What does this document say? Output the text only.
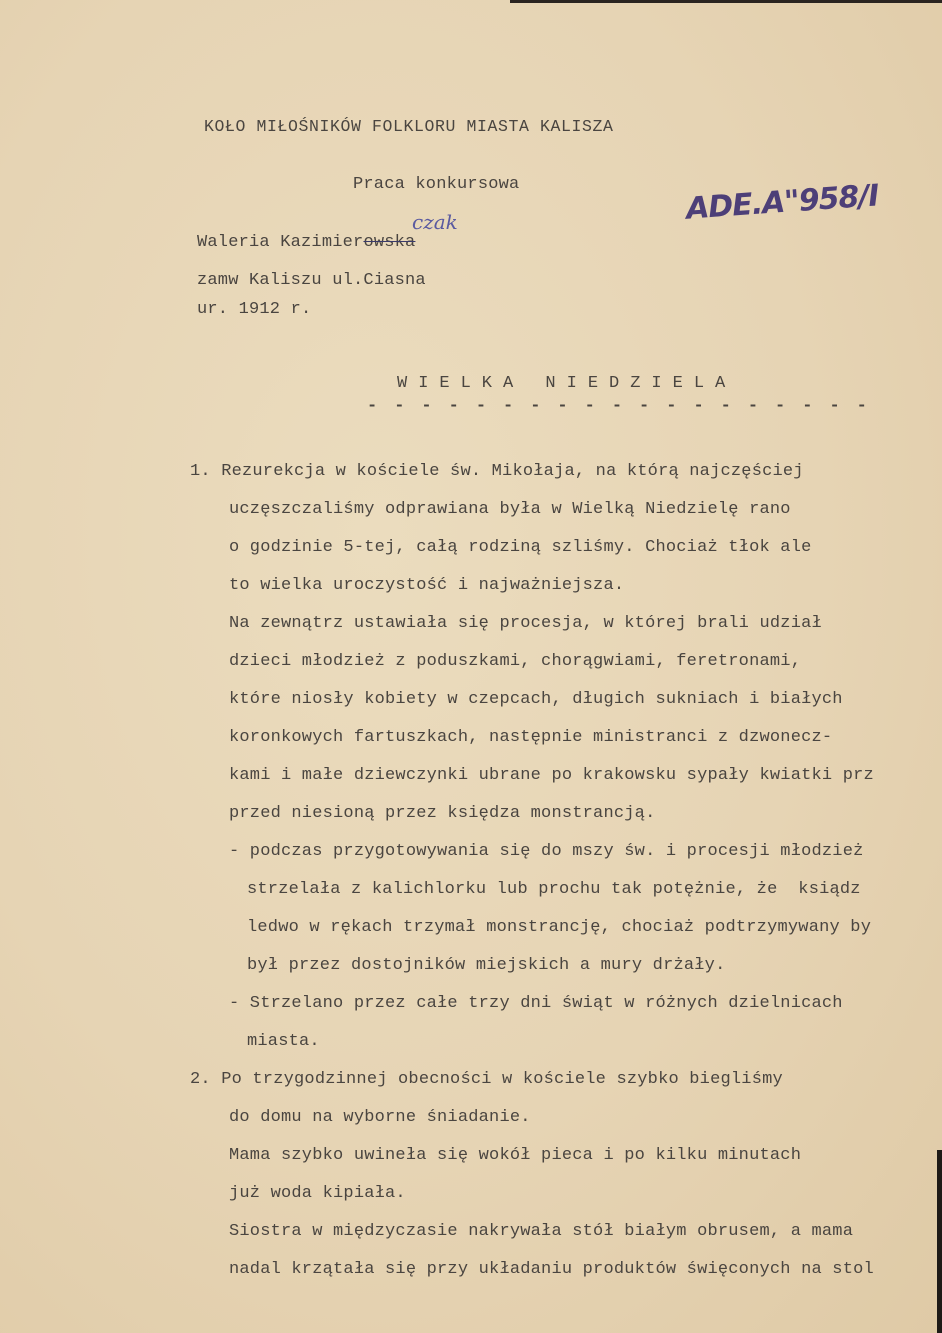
KOŁO MIŁOŚNIKÓW FOLKLORU MIASTA KALISZA
Praca konkursowa	ADE.A"958/I
czak
Waleria Kazimierowska
zamw Kaliszu ul.Ciasna
ur. 1912 r.
WIELKA NIEDZIELA
- - - - - - - - - - - - - - - - - - -
1. Rezurekcja w kościele św. Mikołaja, na którą najczęściej
uczęszczaliśmy odprawiana była w Wielką Niedzielę rano
o godzinie 5-tej, całą rodziną szliśmy. Chociaż tłok ale
to wielka uroczystość i najważniejsza.
Na zewnątrz ustawiała się procesja, w której brali udział
dzieci młodzież z poduszkami, chorągwiami, feretronami,
które niosły kobiety w czepcach, długich sukniach i białych
koronkowych fartuszkach, następnie ministranci z dzwonecz-
kami i małe dziewczynki ubrane po krakowsku sypały kwiatki prz
przed niesioną przez księdza monstrancją.
- podczas przygotowywania się do mszy św. i procesji młodzież
strzelała z kalichlorku lub prochu tak potężnie, że  ksiądz
ledwo w rękach trzymał monstrancję, chociaż podtrzymywany by
był przez dostojników miejskich a mury drżały.
- Strzelano przez całe trzy dni świąt w różnych dzielnicach
miasta.
2. Po trzygodzinnej obecności w kościele szybko biegliśmy
do domu na wyborne śniadanie.
Mama szybko uwineła się wokół pieca i po kilku minutach
już woda kipiała.
Siostra w międzyczasie nakrywała stół białym obrusem, a mama
nadal krzątała się przy układaniu produktów święconych na stol
